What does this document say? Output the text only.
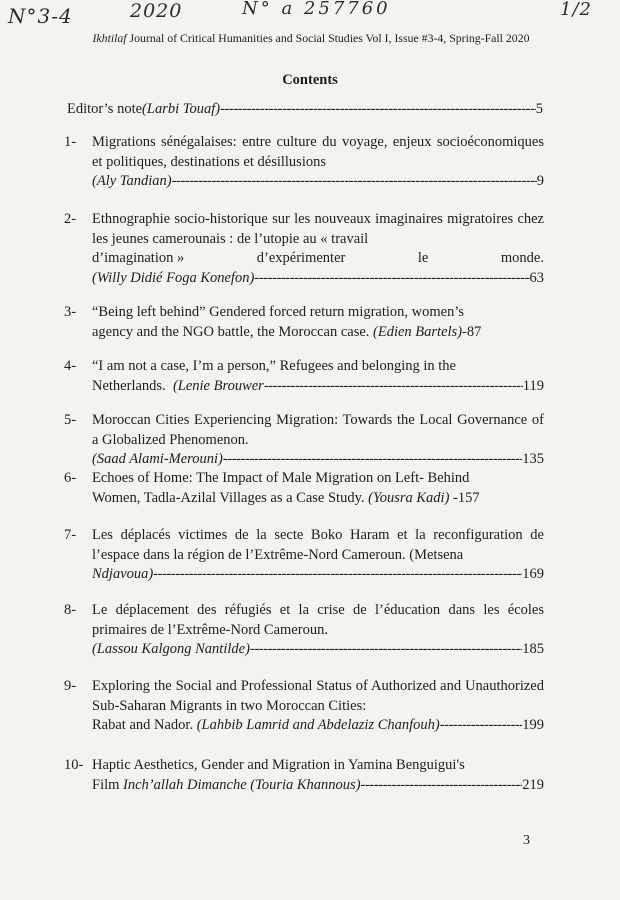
N°3-4	2020	N° a 257760	1/2
Ikhtilaf Journal of Critical Humanities and Social Studies Vol I, Issue #3-4, Spring-Fall 2020
Contents
Editor’s note (Larbi Touaf) -----	5
1-	Migrations sénégalaises: entre culture du voyage, enjeux socioéconomiques et politiques, destinations et désillusions
(Aly Tandian) -----	9
2-	Ethnographie socio-historique sur les nouveaux imaginaires migratoires chez les jeunes camerounais : de l’utopie au « travail
d’imagination »	d’expérimenter	le	monde.
(Willy Didié Foga Konefon) -----	63
3-	“Being left behind” Gendered forced return migration, women’s
agency and the NGO battle, the Moroccan case. (Edien Bartels) - 87
4-	“I am not a case, I’m a person,” Refugees and belonging in the
Netherlands. (Lenie Brouwer -----	119
5-	Moroccan Cities Experiencing Migration: Towards the Local Governance of a Globalized Phenomenon.
(Saad Alami-Merouni) -----	135
6-	Echoes of Home: The Impact of Male Migration on Left- Behind
Women, Tadla-Azilal Villages as a Case Study. (Yousra Kadi) -157
7-	Les déplacés victimes de la secte Boko Haram et la reconfiguration de l’espace dans la région de l’Extrême-Nord Cameroun. (Metsena
Ndjavoua) -----	169
8-	Le déplacement des réfugiés et la crise de l’éducation dans les écoles primaires de l’Extrême-Nord Cameroun.
(Lassou Kalgong Nantilde) -----	185
9-	Exploring the Social and Professional Status of Authorized and Unauthorized Sub-Saharan Migrants in two Moroccan Cities:
Rabat and Nador. (Lahbib Lamrid and Abdelaziz Chanfouh) -----	199
10- Haptic Aesthetics, Gender and Migration in Yamina Benguigui's
Film Inch’allah Dimanche (Touria Khannous) -----	219
3
